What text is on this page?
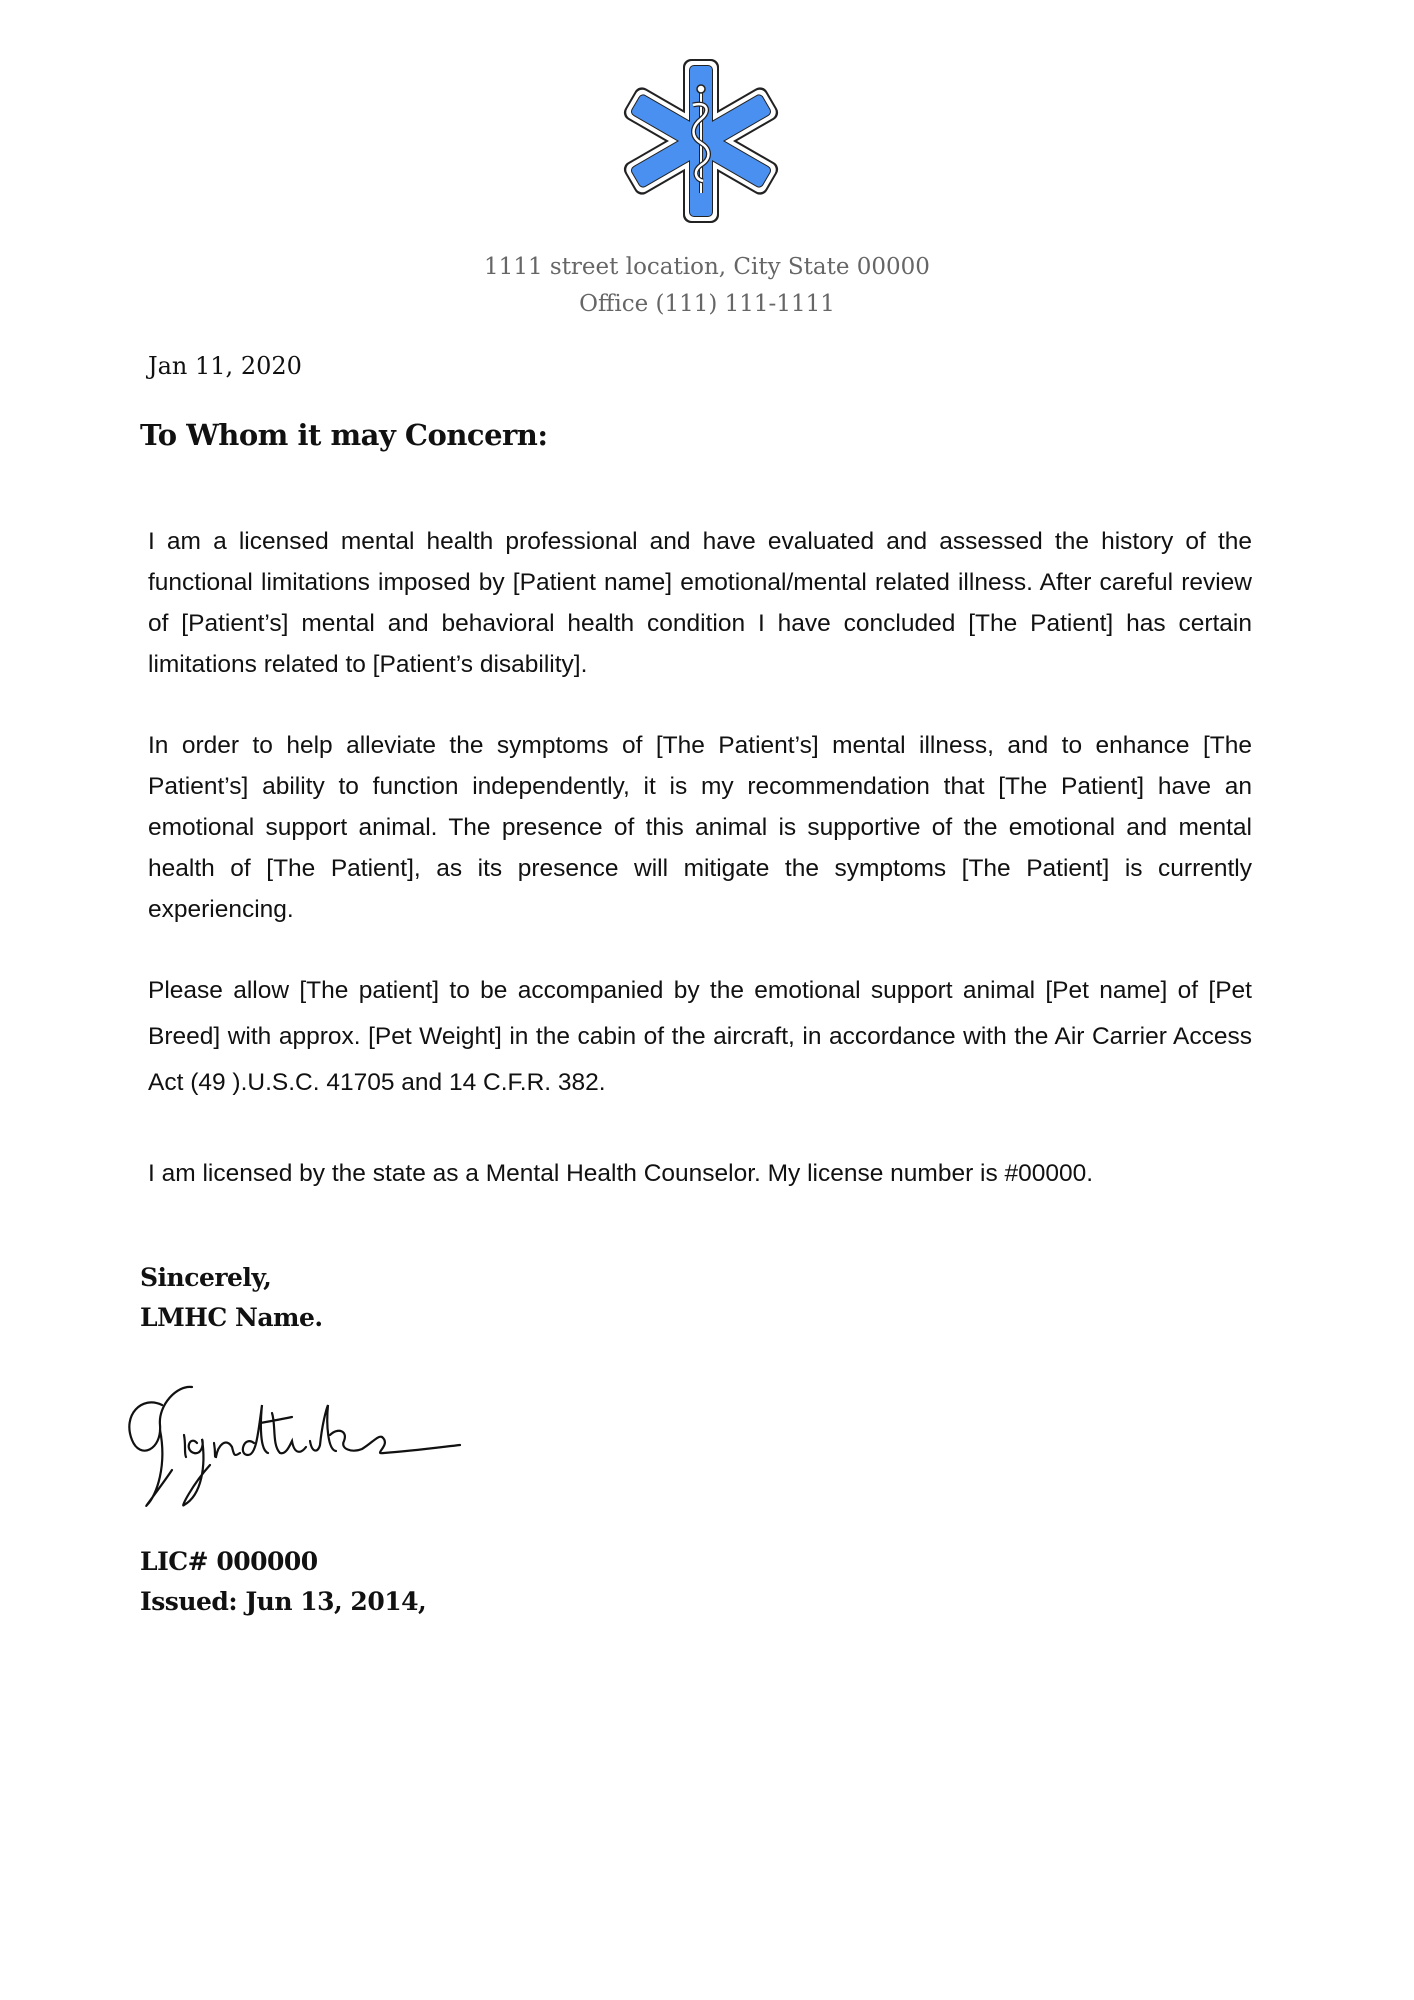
1111 street location, City State 00000
Office (111) 111-1111
Jan 11, 2020
To Whom it may Concern:

I am a licensed mental health professional and have evaluated and assessed the history of the functional limitations imposed by [Patient name] emotional/mental related illness. After careful review of [Patient’s] mental and behavioral health condition I have concluded [The Patient] has certain limitations related to [Patient’s disability].

In order to help alleviate the symptoms of [The Patient’s] mental illness, and to enhance [The Patient’s] ability to function independently, it is my recommendation that [The Patient] have an emotional support animal. The presence of this animal is supportive of the emotional and mental health of [The Patient], as its presence will mitigate the symptoms [The Patient] is currently experiencing.

Please allow [The patient] to be accompanied by the emotional support animal [Pet name] of [Pet Breed] with approx. [Pet Weight] in the cabin of the aircraft, in accordance with the Air Carrier Access Act (49 ).U.S.C. 41705 and 14 C.F.R. 382.

I am licensed by the state as a Mental Health Counselor. My license number is #00000.

Sincerely,
LMHC Name.
LIC# 000000
Issued: Jun 13, 2014,
